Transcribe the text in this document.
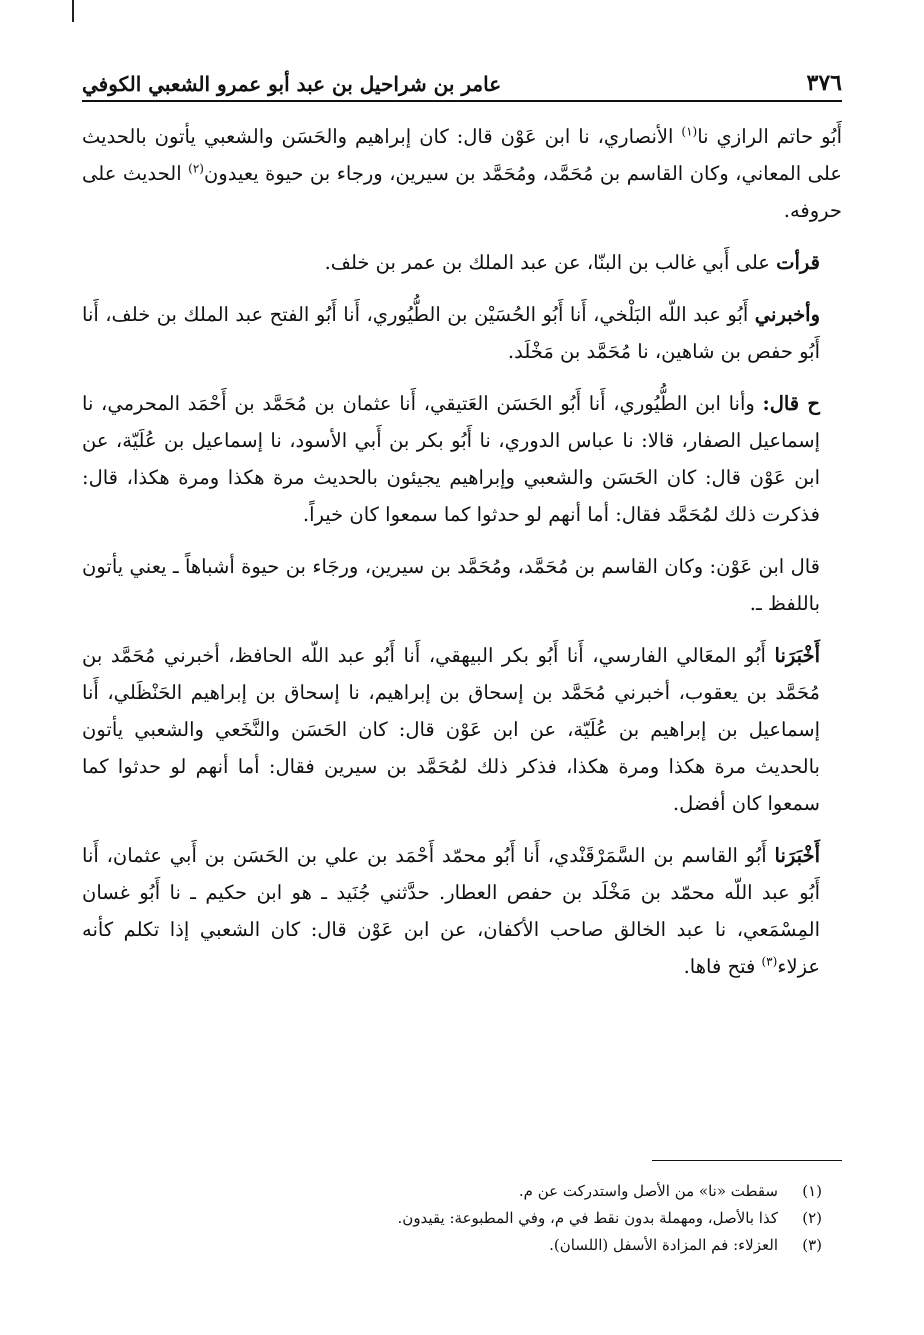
٣٧٦
عامر بن شراحيل بن عبد أبو عمرو الشعبي الكوفي

أَبُو حاتم الرازي نا$^{(١)}$ الأنصاري، نا ابن عَوْن قال: كان إبراهيم والحَسَن والشعبي يأتون بالحديث على المعاني، وكان القاسم بن مُحَمَّد، ومُحَمَّد بن سيرين، ورجاء بن حيوة يعيدون$^{(٢)}$ الحديث على حروفه.

قرأت على أَبي غالب بن البنّا، عن عبد الملك بن عمر بن خلف.

وأخبرني أَبُو عبد اللّه البَلْخي، أَنا أَبُو الحُسَيْن بن الطُّيُوري، أَنا أَبُو الفتح عبد الملك بن خلف، أَنا أَبُو حفص بن شاهين، نا مُحَمَّد بن مَخْلَد.

ح قال: وأنا ابن الطُّيُوري، أَنا أَبُو الحَسَن العَتيقي، أَنا عثمان بن مُحَمَّد بن أَحْمَد المحرمي، نا إسماعيل الصفار، قالا: نا عباس الدوري، نا أَبُو بكر بن أَبي الأسود، نا إسماعيل بن عُلَيّة، عن ابن عَوْن قال: كان الحَسَن والشعبي وإبراهيم يجيئون بالحديث مرة هكذا ومرة هكذا، قال: فذكرت ذلك لمُحَمَّد فقال: أما أنهم لو حدثوا كما سمعوا كان خيراً.

قال ابن عَوْن: وكان القاسم بن مُحَمَّد، ومُحَمَّد بن سيرين، ورجَاء بن حيوة أشباهاً ـ يعني يأتون باللفظ ـ.

أَخْبَرَنا أَبُو المعَالي الفارسي، أَنا أَبُو بكر البيهقي، أَنا أَبُو عبد اللّه الحافظ، أخبرني مُحَمَّد بن مُحَمَّد بن يعقوب، أخبرني مُحَمَّد بن إسحاق بن إبراهيم، نا إسحاق بن إبراهيم الحَنْظَلي، أَنا إسماعيل بن إبراهيم بن عُلَيّة، عن ابن عَوْن قال: كان الحَسَن والنَّخَعي والشعبي يأتون بالحديث مرة هكذا ومرة هكذا، فذكر ذلك لمُحَمَّد بن سيرين فقال: أما أنهم لو حدثوا كما سمعوا كان أفضل.

أَخْبَرَنا أَبُو القاسم بن السَّمَرْقَنْدي، أَنا أَبُو محمّد أَحْمَد بن علي بن الحَسَن بن أَبي عثمان، أَنا أَبُو عبد اللّه محمّد بن مَخْلَد بن حفص العطار. حدَّثني جُنَيد ـ هو ابن حكيم ـ نا أَبُو غسان المِسْمَعي، نا عبد الخالق صاحب الأكفان، عن ابن عَوْن قال: كان الشعبي إذا تكلم كأنه عزلاء$^{(٣)}$ فتح فاها.

(١)سقطت «نا» من الأصل واستدركت عن م.

(٢)كذا بالأصل، ومهملة بدون نقط في م، وفي المطبوعة: يقيدون.

(٣)العزلاء: فم المزادة الأسفل (اللسان).
